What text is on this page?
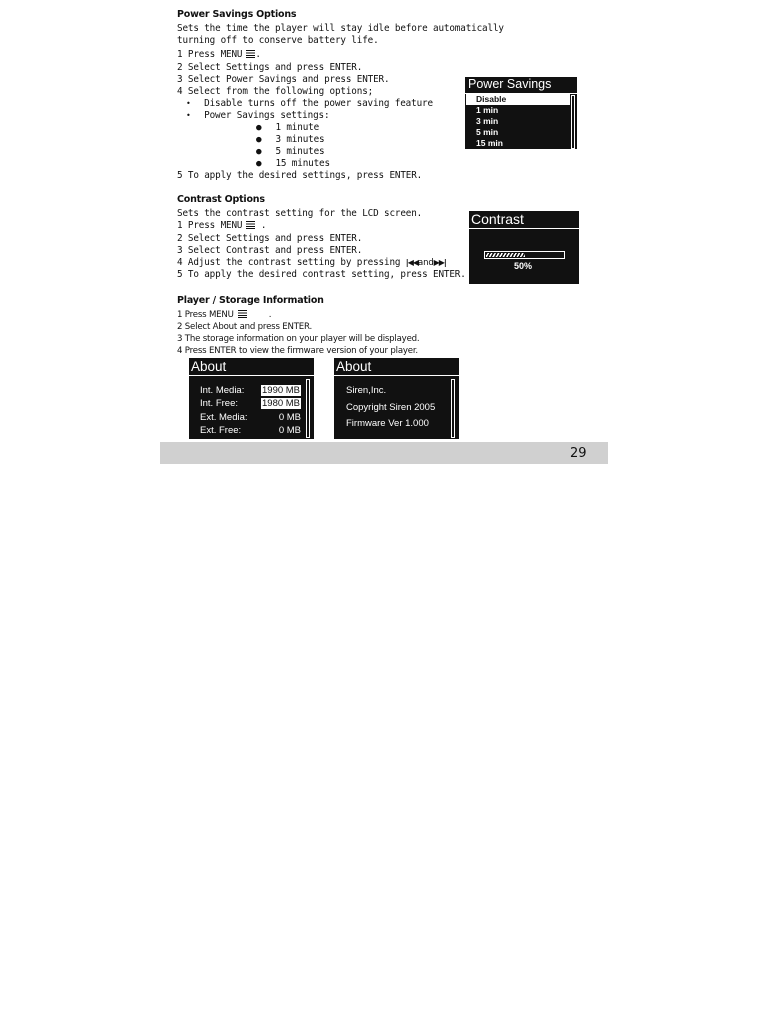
Power Savings Options
Sets the time the player will stay idle before automatically
turning off to conserve battery life.
1 Press MENU .
2 Select Settings and press ENTER.
3 Select Power Savings and press ENTER.
4 Select from the following options;
• Disable turns off the power saving feature
• Power Savings settings:
● 1 minute
● 3 minutes
● 5 minutes
● 15 minutes
5 To apply the desired settings, press ENTER.
Power Savings
Disable
1 min
3 min
5 min
15 min
Contrast Options
Sets the contrast setting for the LCD screen.
1 Press MENU .
2 Select Settings and press ENTER.
3 Select Contrast and press ENTER.
4 Adjust the contrast setting by pressing |◀◀and▶▶|
5 To apply the desired contrast setting, press ENTER.
Contrast
50%
Player / Storage Information
1 Press MENU	.
2 Select About and press ENTER.
3 The storage information on your player will be displayed.
4 Press ENTER to view the firmware version of your player.
About
Int. Media: 1990 MB
Int. Free:	1980 MB
Ext. Media:	0 MB
Ext. Free:	0 MB
About
Siren,Inc.
Copyright Siren 2005
Firmware Ver 1.000
29
